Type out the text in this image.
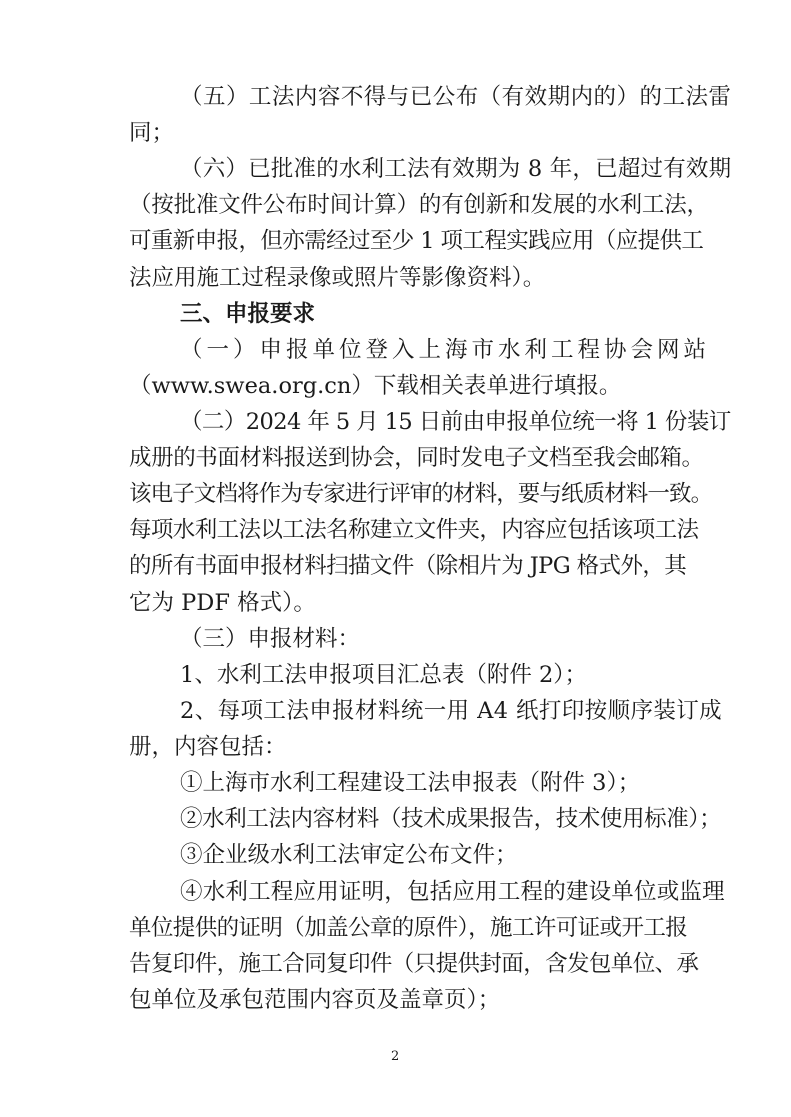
（五）工法内容不得与已公布（有效期内的）的工法雷
同；
（六）已批准的水利工法有效期为 8 年，已超过有效期
（按批准文件公布时间计算）的有创新和发展的水利工法，
可重新申报，但亦需经过至少 1 项工程实践应用（应提供工
法应用施工过程录像或照片等影像资料）。
三、申报要求
（一）申报单位登入上海市水利工程协会网站
（www.swea.org.cn）下载相关表单进行填报。
（二）2024 年 5 月 15 日前由申报单位统一将 1 份装订
成册的书面材料报送到协会，同时发电子文档至我会邮箱。
该电子文档将作为专家进行评审的材料，要与纸质材料一致。
每项水利工法以工法名称建立文件夹，内容应包括该项工法
的所有书面申报材料扫描文件（除相片为 JPG 格式外，其
它为 PDF 格式）。
（三）申报材料：
1、水利工法申报项目汇总表（附件 2）；
2、每项工法申报材料统一用 A4 纸打印按顺序装订成
册，内容包括：
①上海市水利工程建设工法申报表（附件 3）；
②水利工法内容材料（技术成果报告，技术使用标准）；
③企业级水利工法审定公布文件；
④水利工程应用证明，包括应用工程的建设单位或监理
单位提供的证明（加盖公章的原件），施工许可证或开工报
告复印件，施工合同复印件（只提供封面，含发包单位、承
包单位及承包范围内容页及盖章页）；
2
